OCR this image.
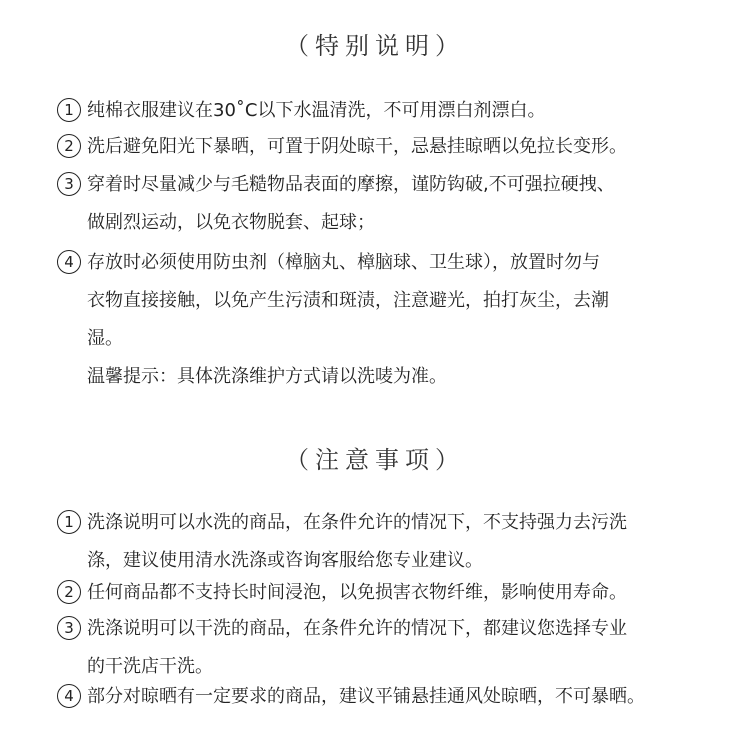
（特别说明）
1 纯棉衣服建议在30˚C以下水温清洗，不可用漂白剂漂白。
2 洗后避免阳光下暴晒，可置于阴处晾干，忌悬挂晾晒以免拉长变形。
3 穿着时尽量减少与毛糙物品表面的摩擦，谨防钩破,不可强拉硬拽、
做剧烈运动，以免衣物脱套、起球；
4 存放时必须使用防虫剂（樟脑丸、樟脑球、卫生球），放置时勿与
衣物直接接触，以免产生污渍和斑渍，注意避光，拍打灰尘，去潮
湿。
温馨提示：具体洗涤维护方式请以洗唛为准。
（注意事项）
1 洗涤说明可以水洗的商品，在条件允许的情况下，不支持强力去污洗
涤，建议使用清水洗涤或咨询客服给您专业建议。
2 任何商品都不支持长时间浸泡，以免损害衣物纤维，影响使用寿命。
3 洗涤说明可以干洗的商品，在条件允许的情况下，都建议您选择专业
的干洗店干洗。
4 部分对晾晒有一定要求的商品，建议平铺悬挂通风处晾晒，不可暴晒。
